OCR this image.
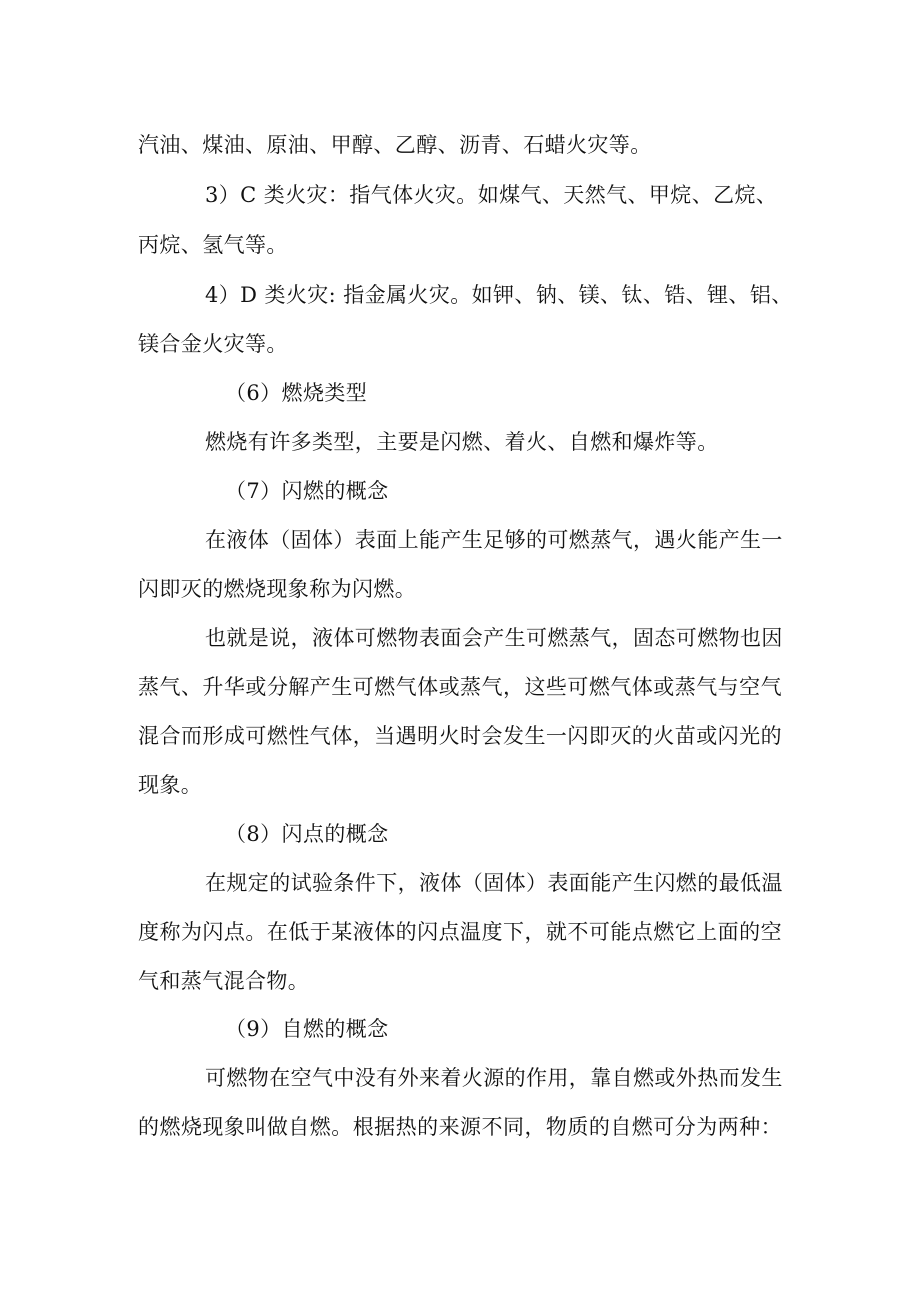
汽油、煤油、原油、甲醇、乙醇、沥青、石蜡火灾等。
3）C 类火灾：指气体火灾。如煤气、天然气、甲烷、乙烷、
丙烷、氢气等。
4）D 类火灾: 指金属火灾。如钾、钠、镁、钛、锆、锂、铝、
镁合金火灾等。
（6）燃烧类型
燃烧有许多类型，主要是闪燃、着火、自燃和爆炸等。
（7）闪燃的概念
在液体（固体）表面上能产生足够的可燃蒸气，遇火能产生一
闪即灭的燃烧现象称为闪燃。
也就是说，液体可燃物表面会产生可燃蒸气，固态可燃物也因
蒸气、升华或分解产生可燃气体或蒸气，这些可燃气体或蒸气与空气
混合而形成可燃性气体，当遇明火时会发生一闪即灭的火苗或闪光的
现象。
（8）闪点的概念
在规定的试验条件下，液体（固体）表面能产生闪燃的最低温
度称为闪点。在低于某液体的闪点温度下，就不可能点燃它上面的空
气和蒸气混合物。
（9）自燃的概念
可燃物在空气中没有外来着火源的作用，靠自燃或外热而发生
的燃烧现象叫做自燃。根据热的来源不同，物质的自燃可分为两种：
